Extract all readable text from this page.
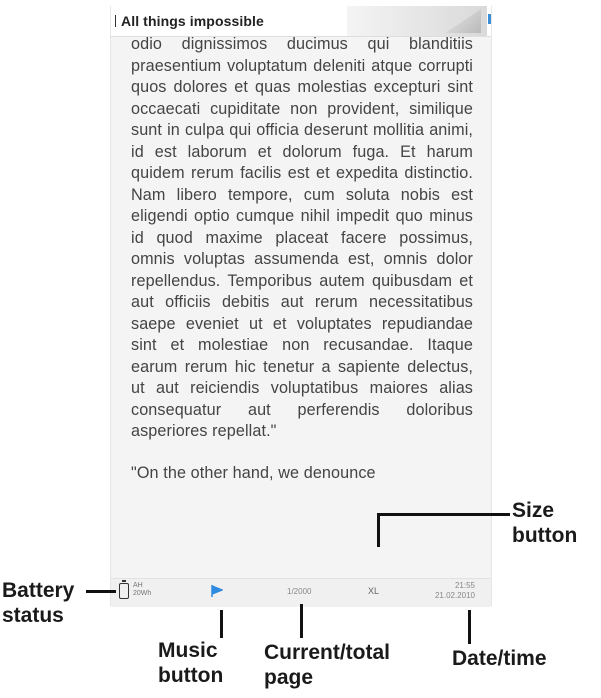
All things impossible

odio dignissimos ducimus qui blanditiis praesentium voluptatum deleniti atque corrupti quos dolores et quas molestias excepturi sint occaecati cupiditate non provident, similique sunt in culpa qui officia deserunt mollitia animi, id est laborum et dolorum fuga. Et harum quidem rerum facilis est et expedita distinctio. Nam libero tempore, cum soluta nobis est eligendi optio cumque nihil impedit quo minus id quod maxime placeat facere possimus, omnis voluptas assumenda est, omnis dolor repellendus. Temporibus autem quibusdam et aut officiis debitis aut rerum necessitatibus saepe eveniet ut et voluptates repudiandae sint et molestiae non recusandae. Itaque earum rerum hic tenetur a sapiente delectus, ut aut reiciendis voluptatibus maiores alias consequatur aut perferendis doloribus asperiores repellat."

"On the other hand, we denounce

AH
20Wh	1/2000	XL
21:55
21.02.2010
Size button
Battery status
Music button
Current/total page
Date/time
